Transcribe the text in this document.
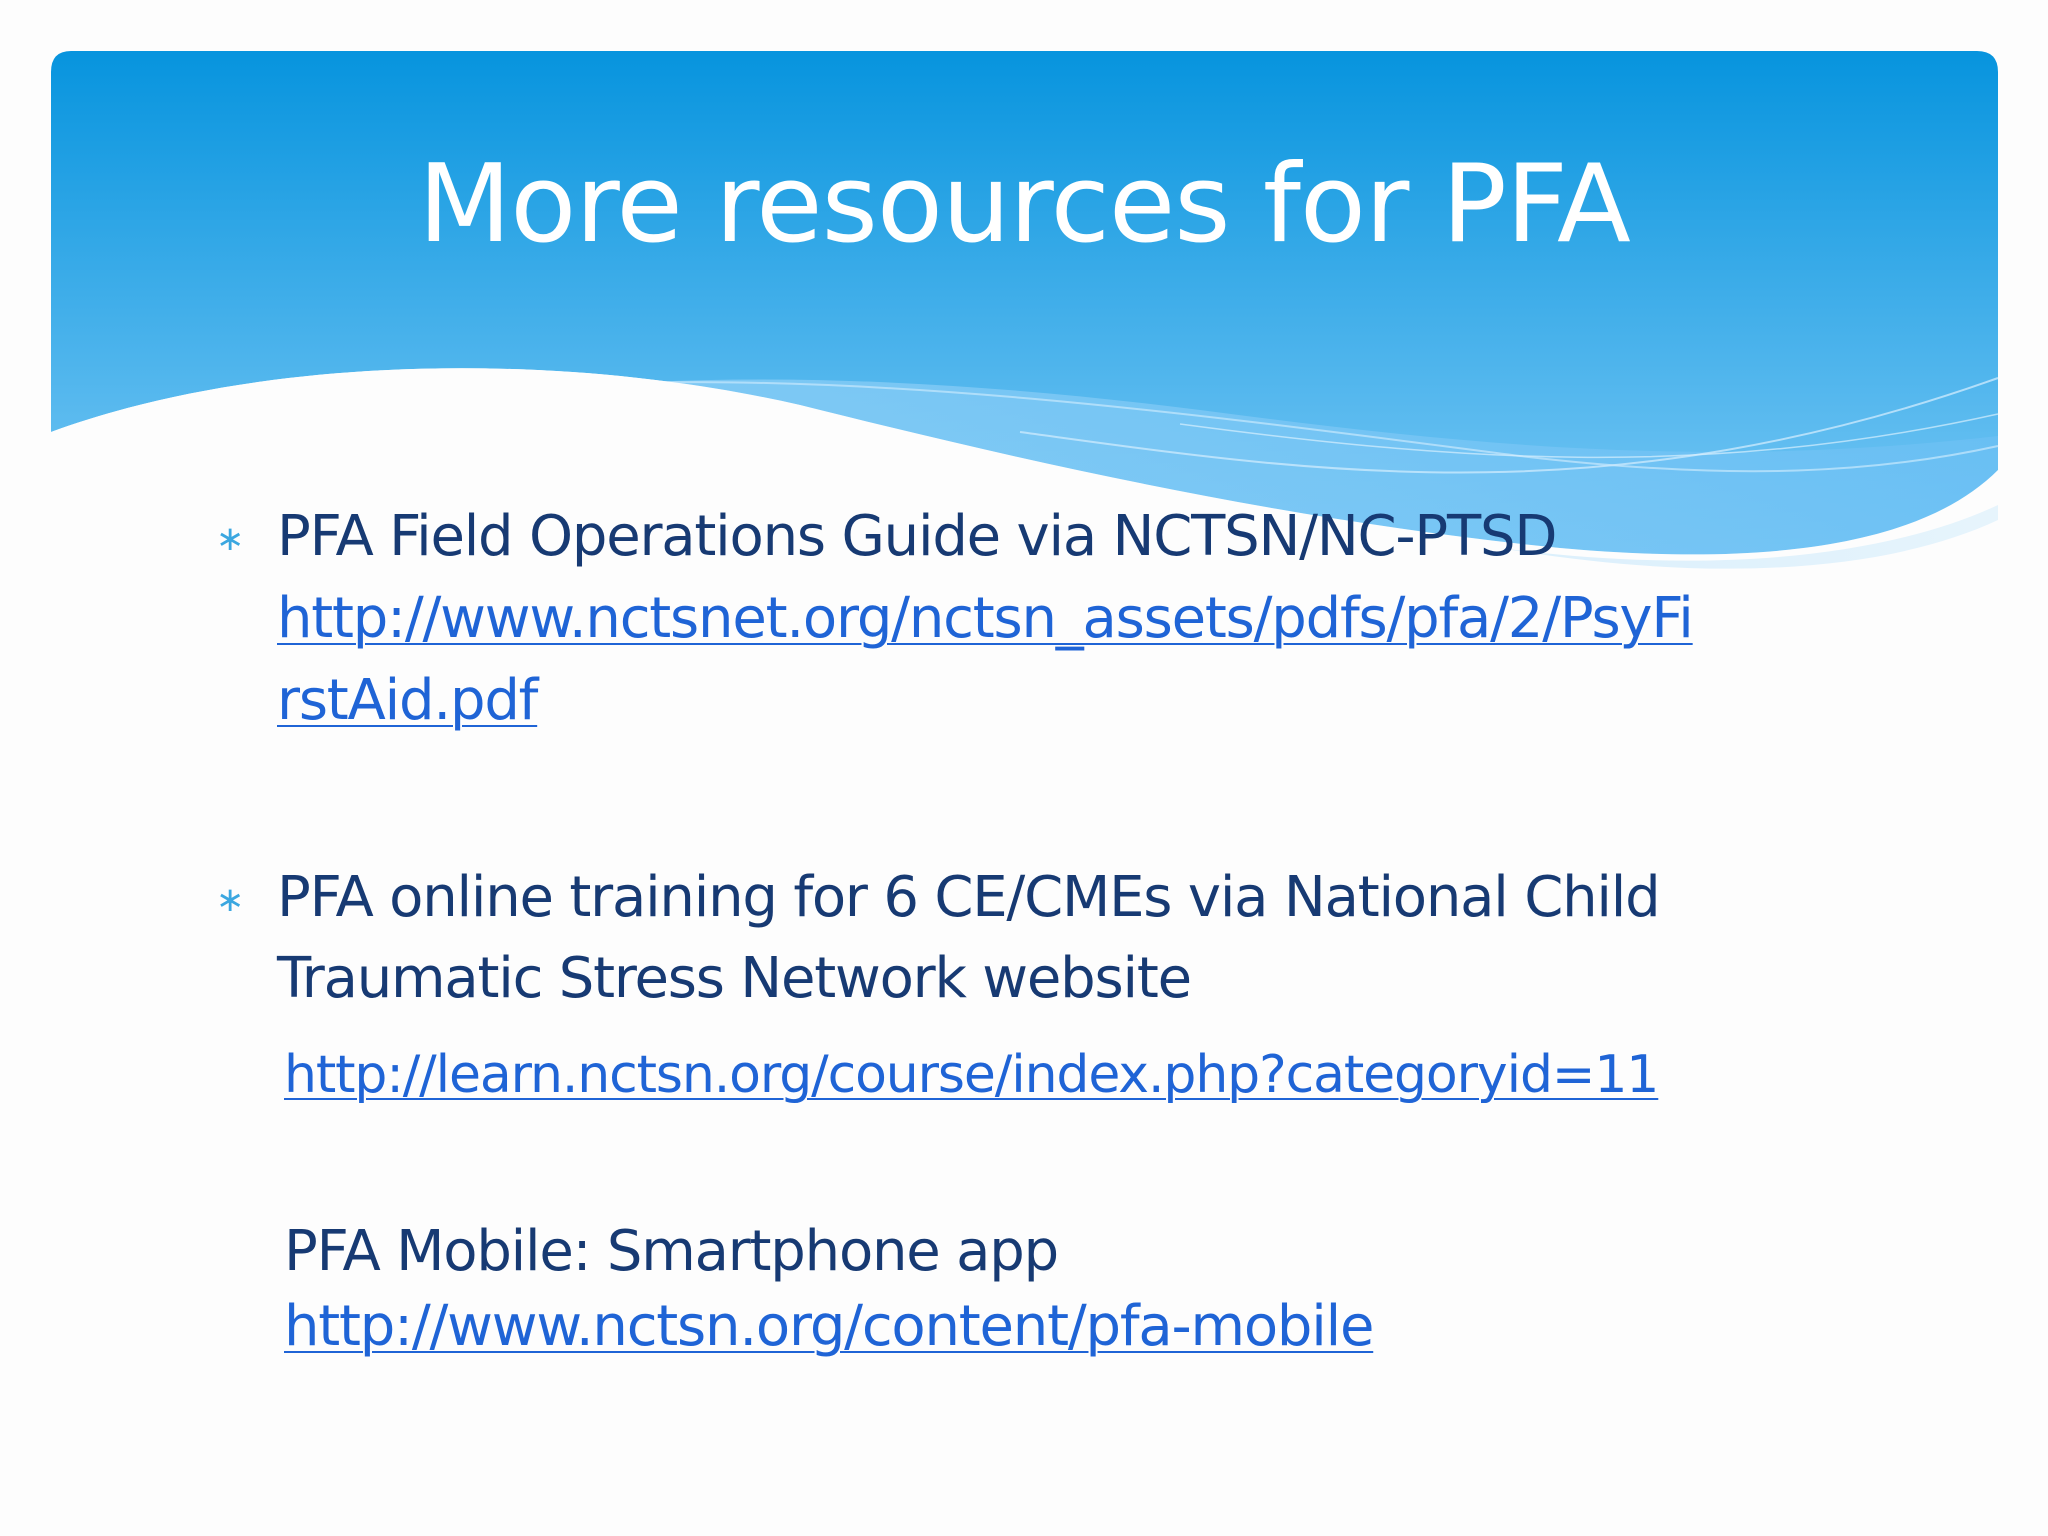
More resources for PFA
∗ PFA Field Operations Guide via NCTSN/NC-PTSD
http://www.nctsnet.org/nctsn_assets/pdfs/pfa/2/PsyFi
rstAid.pdf
∗ PFA online training for 6 CE/CMEs via National Child
Traumatic Stress Network website
http://learn.nctsn.org/course/index.php?categoryid=11
PFA Mobile: Smartphone app
http://www.nctsn.org/content/pfa-mobile
